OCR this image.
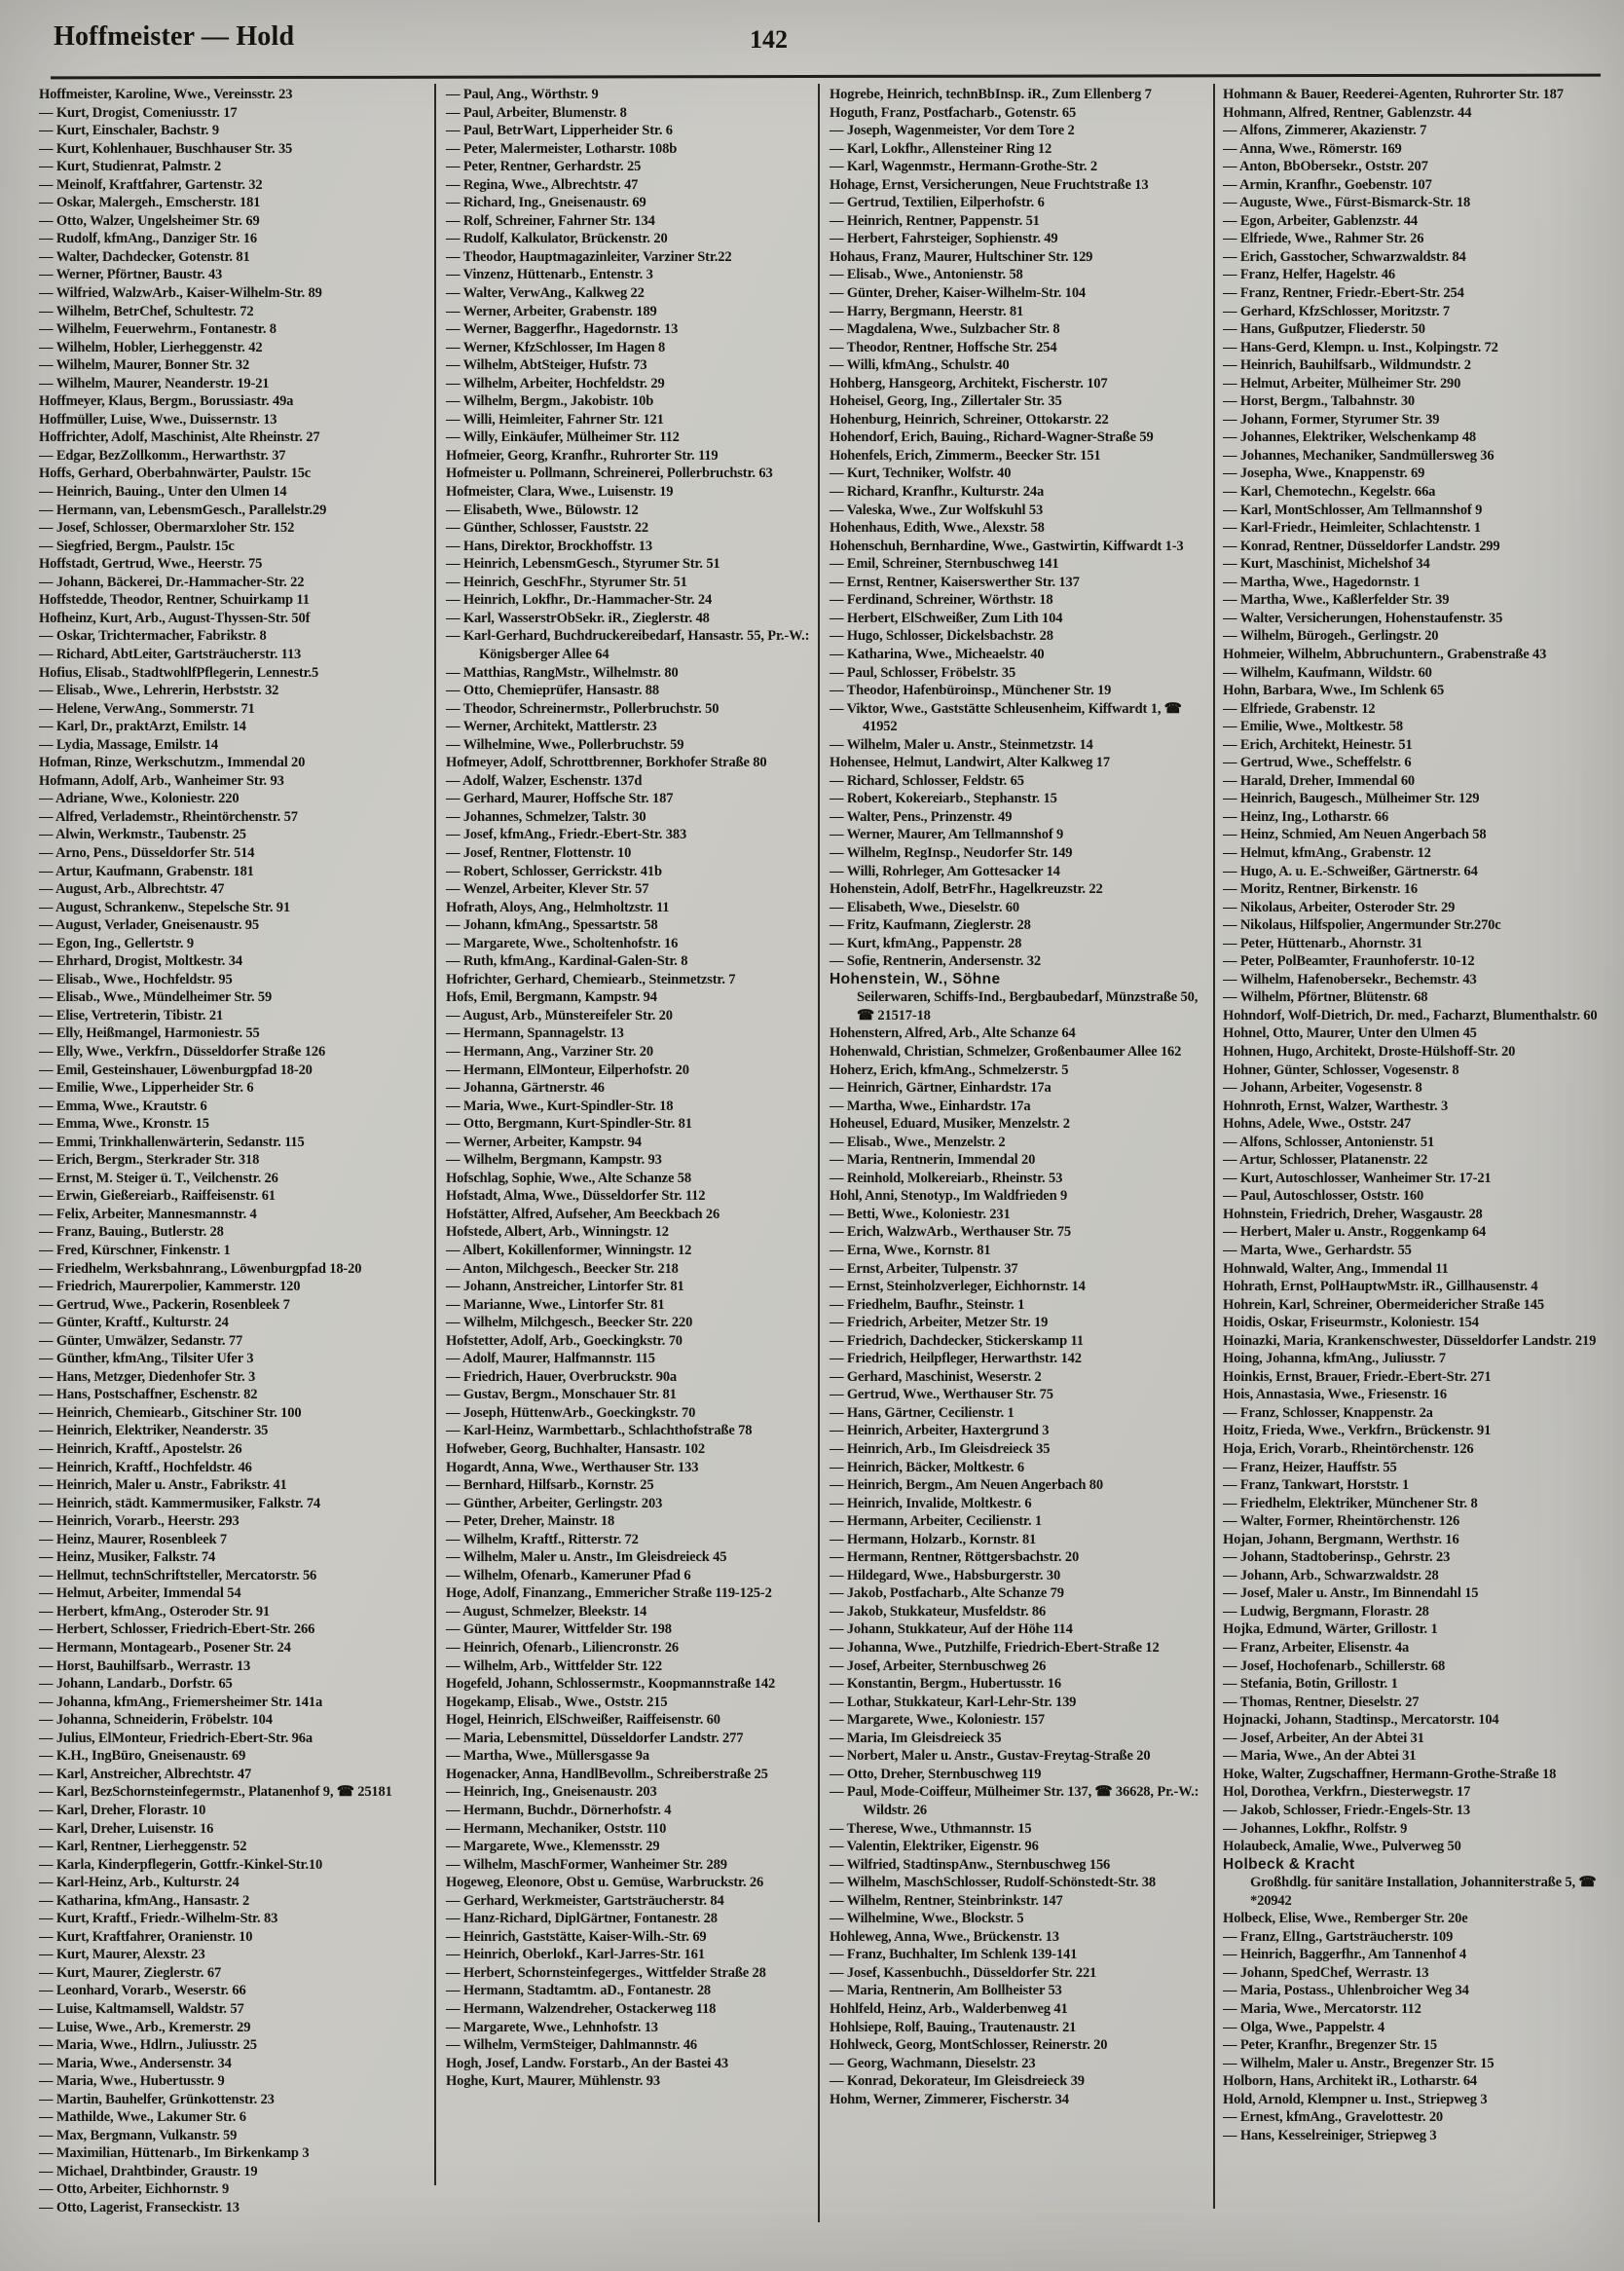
Hoffmeister — Hold	142
Hoffmeister, Karoline, Wwe., Vereinsstr. 23
— Kurt, Drogist, Comeniusstr. 17
— Kurt, Einschaler, Bachstr. 9
— Kurt, Kohlenhauer, Buschhauser Str. 35
— Kurt, Studienrat, Palmstr. 2
— Meinolf, Kraftfahrer, Gartenstr. 32
— Oskar, Malergeh., Emscherstr. 181
— Otto, Walzer, Ungelsheimer Str. 69
— Rudolf, kfmAng., Danziger Str. 16
— Walter, Dachdecker, Gotenstr. 81
— Werner, Pförtner, Baustr. 43
— Wilfried, WalzwArb., Kaiser-Wilhelm-Str. 89
— Wilhelm, BetrChef, Schultestr. 72
— Wilhelm, Feuerwehrm., Fontanestr. 8
— Wilhelm, Hobler, Lierheggenstr. 42
— Wilhelm, Maurer, Bonner Str. 32
— Wilhelm, Maurer, Neanderstr. 19-21
Hoffmeyer, Klaus, Bergm., Borussiastr. 49a
Hoffmüller, Luise, Wwe., Duissernstr. 13
Hoffrichter, Adolf, Maschinist, Alte Rheinstr. 27
— Edgar, BezZollkomm., Herwarthstr. 37
Hoffs, Gerhard, Oberbahnwärter, Paulstr. 15c
— Heinrich, Bauing., Unter den Ulmen 14
— Hermann, van, LebensmGesch., Parallelstr.29
— Josef, Schlosser, Obermarxloher Str. 152
— Siegfried, Bergm., Paulstr. 15c
Hoffstadt, Gertrud, Wwe., Heerstr. 75
— Johann, Bäckerei, Dr.-Hammacher-Str. 22
Hoffstedde, Theodor, Rentner, Schuirkamp 11
Hofheinz, Kurt, Arb., August-Thyssen-Str. 50f
— Oskar, Trichtermacher, Fabrikstr. 8
— Richard, AbtLeiter, Gartsträucherstr. 113
Hofius, Elisab., StadtwohlfPflegerin, Lennestr.5
— Elisab., Wwe., Lehrerin, Herbststr. 32
— Helene, VerwAng., Sommerstr. 71
— Karl, Dr., praktArzt, Emilstr. 14
— Lydia, Massage, Emilstr. 14
Hofman, Rinze, Werkschutzm., Immendal 20
Hofmann, Adolf, Arb., Wanheimer Str. 93
— Adriane, Wwe., Koloniestr. 220
— Alfred, Verlademstr., Rheintörchenstr. 57
— Alwin, Werkmstr., Taubenstr. 25
— Arno, Pens., Düsseldorfer Str. 514
— Artur, Kaufmann, Grabenstr. 181
— August, Arb., Albrechtstr. 47
— August, Schrankenw., Stepelsche Str. 91
— August, Verlader, Gneisenaustr. 95
— Egon, Ing., Gellertstr. 9
— Ehrhard, Drogist, Moltkestr. 34
— Elisab., Wwe., Hochfeldstr. 95
— Elisab., Wwe., Mündelheimer Str. 59
— Elise, Vertreterin, Tibistr. 21
— Elly, Heißmangel, Harmoniestr. 55
— Elly, Wwe., Verkfrn., Düsseldorfer Straße 126
— Emil, Gesteinshauer, Löwenburgpfad 18-20
— Emilie, Wwe., Lipperheider Str. 6
— Emma, Wwe., Krautstr. 6
— Emma, Wwe., Kronstr. 15
— Emmi, Trinkhallenwärterin, Sedanstr. 115
— Erich, Bergm., Sterkrader Str. 318
— Ernst, M. Steiger ü. T., Veilchenstr. 26
— Erwin, Gießereiarb., Raiffeisenstr. 61
— Felix, Arbeiter, Mannesmannstr. 4
— Franz, Bauing., Butlerstr. 28
— Fred, Kürschner, Finkenstr. 1
— Friedhelm, Werksbahnrang., Löwenburgpfad 18-20
— Friedrich, Maurerpolier, Kammerstr. 120
— Gertrud, Wwe., Packerin, Rosenbleek 7
— Günter, Kraftf., Kulturstr. 24
— Günter, Umwälzer, Sedanstr. 77
— Günther, kfmAng., Tilsiter Ufer 3
— Hans, Metzger, Diedenhofer Str. 3
— Hans, Postschaffner, Eschenstr. 82
— Heinrich, Chemiearb., Gitschiner Str. 100
— Heinrich, Elektriker, Neanderstr. 35
— Heinrich, Kraftf., Apostelstr. 26
— Heinrich, Kraftf., Hochfeldstr. 46
— Heinrich, Maler u. Anstr., Fabrikstr. 41
— Heinrich, städt. Kammermusiker, Falkstr. 74
— Heinrich, Vorarb., Heerstr. 293
— Heinz, Maurer, Rosenbleek 7
— Heinz, Musiker, Falkstr. 74
— Hellmut, technSchriftsteller, Mercatorstr. 56
— Helmut, Arbeiter, Immendal 54
— Herbert, kfmAng., Osteroder Str. 91
— Herbert, Schlosser, Friedrich-Ebert-Str. 266
— Hermann, Montagearb., Posener Str. 24
— Horst, Bauhilfsarb., Werrastr. 13
— Johann, Landarb., Dorfstr. 65
— Johanna, kfmAng., Friemersheimer Str. 141a
— Johanna, Schneiderin, Fröbelstr. 104
— Julius, ElMonteur, Friedrich-Ebert-Str. 96a
— K.H., IngBüro, Gneisenaustr. 69
— Karl, Anstreicher, Albrechtstr. 47
— Karl, BezSchornsteinfegermstr., Platanenhof 9, ☎ 25181
— Karl, Dreher, Florastr. 10
— Karl, Dreher, Luisenstr. 16
— Karl, Rentner, Lierheggenstr. 52
— Karla, Kinderpflegerin, Gottfr.-Kinkel-Str.10
— Karl-Heinz, Arb., Kulturstr. 24
— Katharina, kfmAng., Hansastr. 2
— Kurt, Kraftf., Friedr.-Wilhelm-Str. 83
— Kurt, Kraftfahrer, Oranienstr. 10
— Kurt, Maurer, Alexstr. 23
— Kurt, Maurer, Zieglerstr. 67
— Leonhard, Vorarb., Weserstr. 66
— Luise, Kaltmamsell, Waldstr. 57
— Luise, Wwe., Arb., Kremerstr. 29
— Maria, Wwe., Hdlrn., Juliusstr. 25
— Maria, Wwe., Andersenstr. 34
— Maria, Wwe., Hubertusstr. 9
— Martin, Bauhelfer, Grünkottenstr. 23
— Mathilde, Wwe., Lakumer Str. 6
— Max, Bergmann, Vulkanstr. 59
— Maximilian, Hüttenarb., Im Birkenkamp 3
— Michael, Drahtbinder, Graustr. 19
— Otto, Arbeiter, Eichhornstr. 9
— Otto, Lagerist, Franseckistr. 13
— Paul, Ang., Wörthstr. 9
— Paul, Arbeiter, Blumenstr. 8
— Paul, BetrWart, Lipperheider Str. 6
— Peter, Malermeister, Lotharstr. 108b
— Peter, Rentner, Gerhardstr. 25
— Regina, Wwe., Albrechtstr. 47
— Richard, Ing., Gneisenaustr. 69
— Rolf, Schreiner, Fahrner Str. 134
— Rudolf, Kalkulator, Brückenstr. 20
— Theodor, Hauptmagazinleiter, Varziner Str.22
— Vinzenz, Hüttenarb., Entenstr. 3
— Walter, VerwAng., Kalkweg 22
— Werner, Arbeiter, Grabenstr. 189
— Werner, Baggerfhr., Hagedornstr. 13
— Werner, KfzSchlosser, Im Hagen 8
— Wilhelm, AbtSteiger, Hufstr. 73
— Wilhelm, Arbeiter, Hochfeldstr. 29
— Wilhelm, Bergm., Jakobistr. 10b
— Willi, Heimleiter, Fahrner Str. 121
— Willy, Einkäufer, Mülheimer Str. 112
Hofmeier, Georg, Kranfhr., Ruhrorter Str. 119
Hofmeister u. Pollmann, Schreinerei, Pollerbruchstr. 63
Hofmeister, Clara, Wwe., Luisenstr. 19
— Elisabeth, Wwe., Bülowstr. 12
— Günther, Schlosser, Fauststr. 22
— Hans, Direktor, Brockhoffstr. 13
— Heinrich, LebensmGesch., Styrumer Str. 51
— Heinrich, GeschFhr., Styrumer Str. 51
— Heinrich, Lokfhr., Dr.-Hammacher-Str. 24
— Karl, WasserstrObSekr. iR., Zieglerstr. 48
— Karl-Gerhard, Buchdruckereibedarf, Hansastr. 55, Pr.-W.: Königsberger Allee 64
— Matthias, RangMstr., Wilhelmstr. 80
— Otto, Chemieprüfer, Hansastr. 88
— Theodor, Schreinermstr., Pollerbruchstr. 50
— Werner, Architekt, Mattlerstr. 23
— Wilhelmine, Wwe., Pollerbruchstr. 59
Hofmeyer, Adolf, Schrottbrenner, Borkhofer Straße 80
— Adolf, Walzer, Eschenstr. 137d
— Gerhard, Maurer, Hoffsche Str. 187
— Johannes, Schmelzer, Talstr. 30
— Josef, kfmAng., Friedr.-Ebert-Str. 383
— Josef, Rentner, Flottenstr. 10
— Robert, Schlosser, Gerrickstr. 41b
— Wenzel, Arbeiter, Klever Str. 57
Hofrath, Aloys, Ang., Helmholtzstr. 11
— Johann, kfmAng., Spessartstr. 58
— Margarete, Wwe., Scholtenhofstr. 16
— Ruth, kfmAng., Kardinal-Galen-Str. 8
Hofrichter, Gerhard, Chemiearb., Steinmetzstr. 7
Hofs, Emil, Bergmann, Kampstr. 94
— August, Arb., Münstereifeler Str. 20
— Hermann, Spannagelstr. 13
— Hermann, Ang., Varziner Str. 20
— Hermann, ElMonteur, Eilperhofstr. 20
— Johanna, Gärtnerstr. 46
— Maria, Wwe., Kurt-Spindler-Str. 18
— Otto, Bergmann, Kurt-Spindler-Str. 81
— Werner, Arbeiter, Kampstr. 94
— Wilhelm, Bergmann, Kampstr. 93
Hofschlag, Sophie, Wwe., Alte Schanze 58
Hofstadt, Alma, Wwe., Düsseldorfer Str. 112
Hofstätter, Alfred, Aufseher, Am Beeckbach 26
Hofstede, Albert, Arb., Winningstr. 12
— Albert, Kokillenformer, Winningstr. 12
— Anton, Milchgesch., Beecker Str. 218
— Johann, Anstreicher, Lintorfer Str. 81
— Marianne, Wwe., Lintorfer Str. 81
— Wilhelm, Milchgesch., Beecker Str. 220
Hofstetter, Adolf, Arb., Goeckingkstr. 70
— Adolf, Maurer, Halfmannstr. 115
— Friedrich, Hauer, Overbruckstr. 90a
— Gustav, Bergm., Monschauer Str. 81
— Joseph, HüttenwArb., Goeckingkstr. 70
— Karl-Heinz, Warmbettarb., Schlachthofstraße 78
Hofweber, Georg, Buchhalter, Hansastr. 102
Hogardt, Anna, Wwe., Werthauser Str. 133
— Bernhard, Hilfsarb., Kornstr. 25
— Günther, Arbeiter, Gerlingstr. 203
— Peter, Dreher, Mainstr. 18
— Wilhelm, Kraftf., Ritterstr. 72
— Wilhelm, Maler u. Anstr., Im Gleisdreieck 45
— Wilhelm, Ofenarb., Kameruner Pfad 6
Hoge, Adolf, Finanzang., Emmericher Straße 119-125-2
— August, Schmelzer, Bleekstr. 14
— Günter, Maurer, Wittfelder Str. 198
— Heinrich, Ofenarb., Liliencronstr. 26
— Wilhelm, Arb., Wittfelder Str. 122
Hogefeld, Johann, Schlossermstr., Koopmannstraße 142
Hogekamp, Elisab., Wwe., Oststr. 215
Hogel, Heinrich, ElSchweißer, Raiffeisenstr. 60
— Maria, Lebensmittel, Düsseldorfer Landstr. 277
— Martha, Wwe., Müllersgasse 9a
Hogenacker, Anna, HandlBevollm., Schreiberstraße 25
— Heinrich, Ing., Gneisenaustr. 203
— Hermann, Buchdr., Dörnerhofstr. 4
— Hermann, Mechaniker, Oststr. 110
— Margarete, Wwe., Klemensstr. 29
— Wilhelm, MaschFormer, Wanheimer Str. 289
Hogeweg, Eleonore, Obst u. Gemüse, Warbruckstr. 26
— Gerhard, Werkmeister, Gartsträucherstr. 84
— Hanz-Richard, DiplGärtner, Fontanestr. 28
— Heinrich, Gaststätte, Kaiser-Wilh.-Str. 69
— Heinrich, Oberlokf., Karl-Jarres-Str. 161
— Herbert, Schornsteinfegerges., Wittfelder Straße 28
— Hermann, Stadtamtm. aD., Fontanestr. 28
— Hermann, Walzendreher, Ostackerweg 118
— Margarete, Wwe., Lehnhofstr. 13
— Wilhelm, VermSteiger, Dahlmannstr. 46
Hogh, Josef, Landw. Forstarb., An der Bastei 43
Hoghe, Kurt, Maurer, Mühlenstr. 93
Hogrebe, Heinrich, technBbInsp. iR., Zum Ellenberg 7
Hoguth, Franz, Postfacharb., Gotenstr. 65
— Joseph, Wagenmeister, Vor dem Tore 2
— Karl, Lokfhr., Allensteiner Ring 12
— Karl, Wagenmstr., Hermann-Grothe-Str. 2
Hohage, Ernst, Versicherungen, Neue Fruchtstraße 13
— Gertrud, Textilien, Eilperhofstr. 6
— Heinrich, Rentner, Pappenstr. 51
— Herbert, Fahrsteiger, Sophienstr. 49
Hohaus, Franz, Maurer, Hultschiner Str. 129
— Elisab., Wwe., Antonienstr. 58
— Günter, Dreher, Kaiser-Wilhelm-Str. 104
— Harry, Bergmann, Heerstr. 81
— Magdalena, Wwe., Sulzbacher Str. 8
— Theodor, Rentner, Hoffsche Str. 254
— Willi, kfmAng., Schulstr. 40
Hohberg, Hansgeorg, Architekt, Fischerstr. 107
Hoheisel, Georg, Ing., Zillertaler Str. 35
Hohenburg, Heinrich, Schreiner, Ottokarstr. 22
Hohendorf, Erich, Bauing., Richard-Wagner-Straße 59
Hohenfels, Erich, Zimmerm., Beecker Str. 151
— Kurt, Techniker, Wolfstr. 40
— Richard, Kranfhr., Kulturstr. 24a
— Valeska, Wwe., Zur Wolfskuhl 53
Hohenhaus, Edith, Wwe., Alexstr. 58
Hohenschuh, Bernhardine, Wwe., Gastwirtin, Kiffwardt 1-3
— Emil, Schreiner, Sternbuschweg 141
— Ernst, Rentner, Kaiserswerther Str. 137
— Ferdinand, Schreiner, Wörthstr. 18
— Herbert, ElSchweißer, Zum Lith 104
— Hugo, Schlosser, Dickelsbachstr. 28
— Katharina, Wwe., Micheaelstr. 40
— Paul, Schlosser, Fröbelstr. 35
— Theodor, Hafenbüroinsp., Münchener Str. 19
— Viktor, Wwe., Gaststätte Schleusenheim, Kiffwardt 1, ☎ 41952
— Wilhelm, Maler u. Anstr., Steinmetzstr. 14
Hohensee, Helmut, Landwirt, Alter Kalkweg 17
— Richard, Schlosser, Feldstr. 65
— Robert, Kokereiarb., Stephanstr. 15
— Walter, Pens., Prinzenstr. 49
— Werner, Maurer, Am Tellmannshof 9
— Wilhelm, RegInsp., Neudorfer Str. 149
— Willi, Rohrleger, Am Gottesacker 14
Hohenstein, Adolf, BetrFhr., Hagelkreuzstr. 22
— Elisabeth, Wwe., Dieselstr. 60
— Fritz, Kaufmann, Zieglerstr. 28
— Kurt, kfmAng., Pappenstr. 28
— Sofie, Rentnerin, Andersenstr. 32
Hohenstein, W., Söhne
Seilerwaren, Schiffs-Ind., Bergbaubedarf, Münzstraße 50, ☎ 21517-18
Hohenstern, Alfred, Arb., Alte Schanze 64
Hohenwald, Christian, Schmelzer, Großenbaumer Allee 162
Hoherz, Erich, kfmAng., Schmelzerstr. 5
— Heinrich, Gärtner, Einhardstr. 17a
— Martha, Wwe., Einhardstr. 17a
Hoheusel, Eduard, Musiker, Menzelstr. 2
— Elisab., Wwe., Menzelstr. 2
— Maria, Rentnerin, Immendal 20
— Reinhold, Molkereiarb., Rheinstr. 53
Hohl, Anni, Stenotyp., Im Waldfrieden 9
— Betti, Wwe., Koloniestr. 231
— Erich, WalzwArb., Werthauser Str. 75
— Erna, Wwe., Kornstr. 81
— Ernst, Arbeiter, Tulpenstr. 37
— Ernst, Steinholzverleger, Eichhornstr. 14
— Friedhelm, Baufhr., Steinstr. 1
— Friedrich, Arbeiter, Metzer Str. 19
— Friedrich, Dachdecker, Stickerskamp 11
— Friedrich, Heilpfleger, Herwarthstr. 142
— Gerhard, Maschinist, Weserstr. 2
— Gertrud, Wwe., Werthauser Str. 75
— Hans, Gärtner, Cecilienstr. 1
— Heinrich, Arbeiter, Haxtergrund 3
— Heinrich, Arb., Im Gleisdreieck 35
— Heinrich, Bäcker, Moltkestr. 6
— Heinrich, Bergm., Am Neuen Angerbach 80
— Heinrich, Invalide, Moltkestr. 6
— Hermann, Arbeiter, Cecilienstr. 1
— Hermann, Holzarb., Kornstr. 81
— Hermann, Rentner, Röttgersbachstr. 20
— Hildegard, Wwe., Habsburgerstr. 30
— Jakob, Postfacharb., Alte Schanze 79
— Jakob, Stukkateur, Musfeldstr. 86
— Johann, Stukkateur, Auf der Höhe 114
— Johanna, Wwe., Putzhilfe, Friedrich-Ebert-Straße 12
— Josef, Arbeiter, Sternbuschweg 26
— Konstantin, Bergm., Hubertusstr. 16
— Lothar, Stukkateur, Karl-Lehr-Str. 139
— Margarete, Wwe., Koloniestr. 157
— Maria, Im Gleisdreieck 35
— Norbert, Maler u. Anstr., Gustav-Freytag-Straße 20
— Otto, Dreher, Sternbuschweg 119
— Paul, Mode-Coiffeur, Mülheimer Str. 137, ☎ 36628, Pr.-W.: Wildstr. 26
— Therese, Wwe., Uthmannstr. 15
— Valentin, Elektriker, Eigenstr. 96
— Wilfried, StadtinspAnw., Sternbuschweg 156
— Wilhelm, MaschSchlosser, Rudolf-Schönstedt-Str. 38
— Wilhelm, Rentner, Steinbrinkstr. 147
— Wilhelmine, Wwe., Blockstr. 5
Hohleweg, Anna, Wwe., Brückenstr. 13
— Franz, Buchhalter, Im Schlenk 139-141
— Josef, Kassenbuchh., Düsseldorfer Str. 221
— Maria, Rentnerin, Am Bollheister 53
Hohlfeld, Heinz, Arb., Walderbenweg 41
Hohlsiepe, Rolf, Bauing., Trautenaustr. 21
Hohlweck, Georg, MontSchlosser, Reinerstr. 20
— Georg, Wachmann, Dieselstr. 23
— Konrad, Dekorateur, Im Gleisdreieck 39
Hohm, Werner, Zimmerer, Fischerstr. 34
Hohmann & Bauer, Reederei-Agenten, Ruhrorter Str. 187
Hohmann, Alfred, Rentner, Gablenzstr. 44
— Alfons, Zimmerer, Akazienstr. 7
— Anna, Wwe., Römerstr. 169
— Anton, BbObersekr., Oststr. 207
— Armin, Kranfhr., Goebenstr. 107
— Auguste, Wwe., Fürst-Bismarck-Str. 18
— Egon, Arbeiter, Gablenzstr. 44
— Elfriede, Wwe., Rahmer Str. 26
— Erich, Gasstocher, Schwarzwaldstr. 84
— Franz, Helfer, Hagelstr. 46
— Franz, Rentner, Friedr.-Ebert-Str. 254
— Gerhard, KfzSchlosser, Moritzstr. 7
— Hans, Gußputzer, Fliederstr. 50
— Hans-Gerd, Klempn. u. Inst., Kolpingstr. 72
— Heinrich, Bauhilfsarb., Wildmundstr. 2
— Helmut, Arbeiter, Mülheimer Str. 290
— Horst, Bergm., Talbahnstr. 30
— Johann, Former, Styrumer Str. 39
— Johannes, Elektriker, Welschenkamp 48
— Johannes, Mechaniker, Sandmüllersweg 36
— Josepha, Wwe., Knappenstr. 69
— Karl, Chemotechn., Kegelstr. 66a
— Karl, MontSchlosser, Am Tellmannshof 9
— Karl-Friedr., Heimleiter, Schlachtenstr. 1
— Konrad, Rentner, Düsseldorfer Landstr. 299
— Kurt, Maschinist, Michelshof 34
— Martha, Wwe., Hagedornstr. 1
— Martha, Wwe., Kaßlerfelder Str. 39
— Walter, Versicherungen, Hohenstaufenstr. 35
— Wilhelm, Bürogeh., Gerlingstr. 20
Hohmeier, Wilhelm, Abbruchuntern., Grabenstraße 43
— Wilhelm, Kaufmann, Wildstr. 60
Hohn, Barbara, Wwe., Im Schlenk 65
— Elfriede, Grabenstr. 12
— Emilie, Wwe., Moltkestr. 58
— Erich, Architekt, Heinestr. 51
— Gertrud, Wwe., Scheffelstr. 6
— Harald, Dreher, Immendal 60
— Heinrich, Baugesch., Mülheimer Str. 129
— Heinz, Ing., Lotharstr. 66
— Heinz, Schmied, Am Neuen Angerbach 58
— Helmut, kfmAng., Grabenstr. 12
— Hugo, A. u. E.-Schweißer, Gärtnerstr. 64
— Moritz, Rentner, Birkenstr. 16
— Nikolaus, Arbeiter, Osteroder Str. 29
— Nikolaus, Hilfspolier, Angermunder Str.270c
— Peter, Hüttenarb., Ahornstr. 31
— Peter, PolBeamter, Fraunhoferstr. 10-12
— Wilhelm, Hafenobersekr., Bechemstr. 43
— Wilhelm, Pförtner, Blütenstr. 68
Hohndorf, Wolf-Dietrich, Dr. med., Facharzt, Blumenthalstr. 60
Hohnel, Otto, Maurer, Unter den Ulmen 45
Hohnen, Hugo, Architekt, Droste-Hülshoff-Str. 20
Hohner, Günter, Schlosser, Vogesenstr. 8
— Johann, Arbeiter, Vogesenstr. 8
Hohnroth, Ernst, Walzer, Warthestr. 3
Hohns, Adele, Wwe., Oststr. 247
— Alfons, Schlosser, Antonienstr. 51
— Artur, Schlosser, Platanenstr. 22
— Kurt, Autoschlosser, Wanheimer Str. 17-21
— Paul, Autoschlosser, Oststr. 160
Hohnstein, Friedrich, Dreher, Wasgaustr. 28
— Herbert, Maler u. Anstr., Roggenkamp 64
— Marta, Wwe., Gerhardstr. 55
Hohnwald, Walter, Ang., Immendal 11
Hohrath, Ernst, PolHauptwMstr. iR., Gillhausenstr. 4
Hohrein, Karl, Schreiner, Obermeidericher Straße 145
Hoidis, Oskar, Friseurmstr., Koloniestr. 154
Hoinazki, Maria, Krankenschwester, Düsseldorfer Landstr. 219
Hoing, Johanna, kfmAng., Juliusstr. 7
Hoinkis, Ernst, Brauer, Friedr.-Ebert-Str. 271
Hois, Annastasia, Wwe., Friesenstr. 16
— Franz, Schlosser, Knappenstr. 2a
Hoitz, Frieda, Wwe., Verkfrn., Brückenstr. 91
Hoja, Erich, Vorarb., Rheintörchenstr. 126
— Franz, Heizer, Hauffstr. 55
— Franz, Tankwart, Horststr. 1
— Friedhelm, Elektriker, Münchener Str. 8
— Walter, Former, Rheintörchenstr. 126
Hojan, Johann, Bergmann, Werthstr. 16
— Johann, Stadtoberinsp., Gehrstr. 23
— Johann, Arb., Schwarzwaldstr. 28
— Josef, Maler u. Anstr., Im Binnendahl 15
— Ludwig, Bergmann, Florastr. 28
Hojka, Edmund, Wärter, Grillostr. 1
— Franz, Arbeiter, Elisenstr. 4a
— Josef, Hochofenarb., Schillerstr. 68
— Stefania, Botin, Grillostr. 1
— Thomas, Rentner, Dieselstr. 27
Hojnacki, Johann, Stadtinsp., Mercatorstr. 104
— Josef, Arbeiter, An der Abtei 31
— Maria, Wwe., An der Abtei 31
Hoke, Walter, Zugschaffner, Hermann-Grothe-Straße 18
Hol, Dorothea, Verkfrn., Diesterwegstr. 17
— Jakob, Schlosser, Friedr.-Engels-Str. 13
— Johannes, Lokfhr., Rolfstr. 9
Holaubeck, Amalie, Wwe., Pulverweg 50
Holbeck & Kracht
Großhdlg. für sanitäre Installation, Johanniterstraße 5, ☎ *20942
Holbeck, Elise, Wwe., Remberger Str. 20e
— Franz, ElIng., Gartsträucherstr. 109
— Heinrich, Baggerfhr., Am Tannenhof 4
— Johann, SpedChef, Werrastr. 13
— Maria, Postass., Uhlenbroicher Weg 34
— Maria, Wwe., Mercatorstr. 112
— Olga, Wwe., Pappelstr. 4
— Peter, Kranfhr., Bregenzer Str. 15
— Wilhelm, Maler u. Anstr., Bregenzer Str. 15
Holborn, Hans, Architekt iR., Lotharstr. 64
Hold, Arnold, Klempner u. Inst., Striepweg 3
— Ernest, kfmAng., Gravelottestr. 20
— Hans, Kesselreiniger, Striepweg 3
